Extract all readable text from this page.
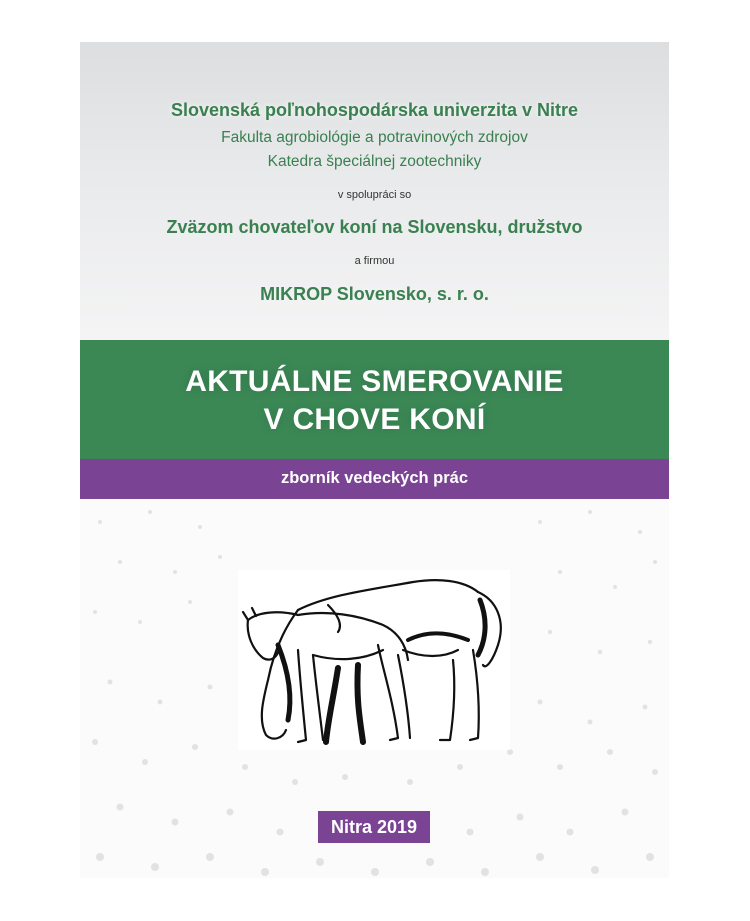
Slovenská poľnohospodárska univerzita v Nitre
Fakulta agrobiológie a potravinových zdrojov
Katedra špeciálnej zootechniky
v spolupráci so
Zväzom chovateľov koní na Slovensku, družstvo
a firmou
MIKROP Slovensko, s. r. o.
AKTUÁLNE SMEROVANIE
V CHOVE KONÍ
zborník vedeckých prác
Nitra 2019
